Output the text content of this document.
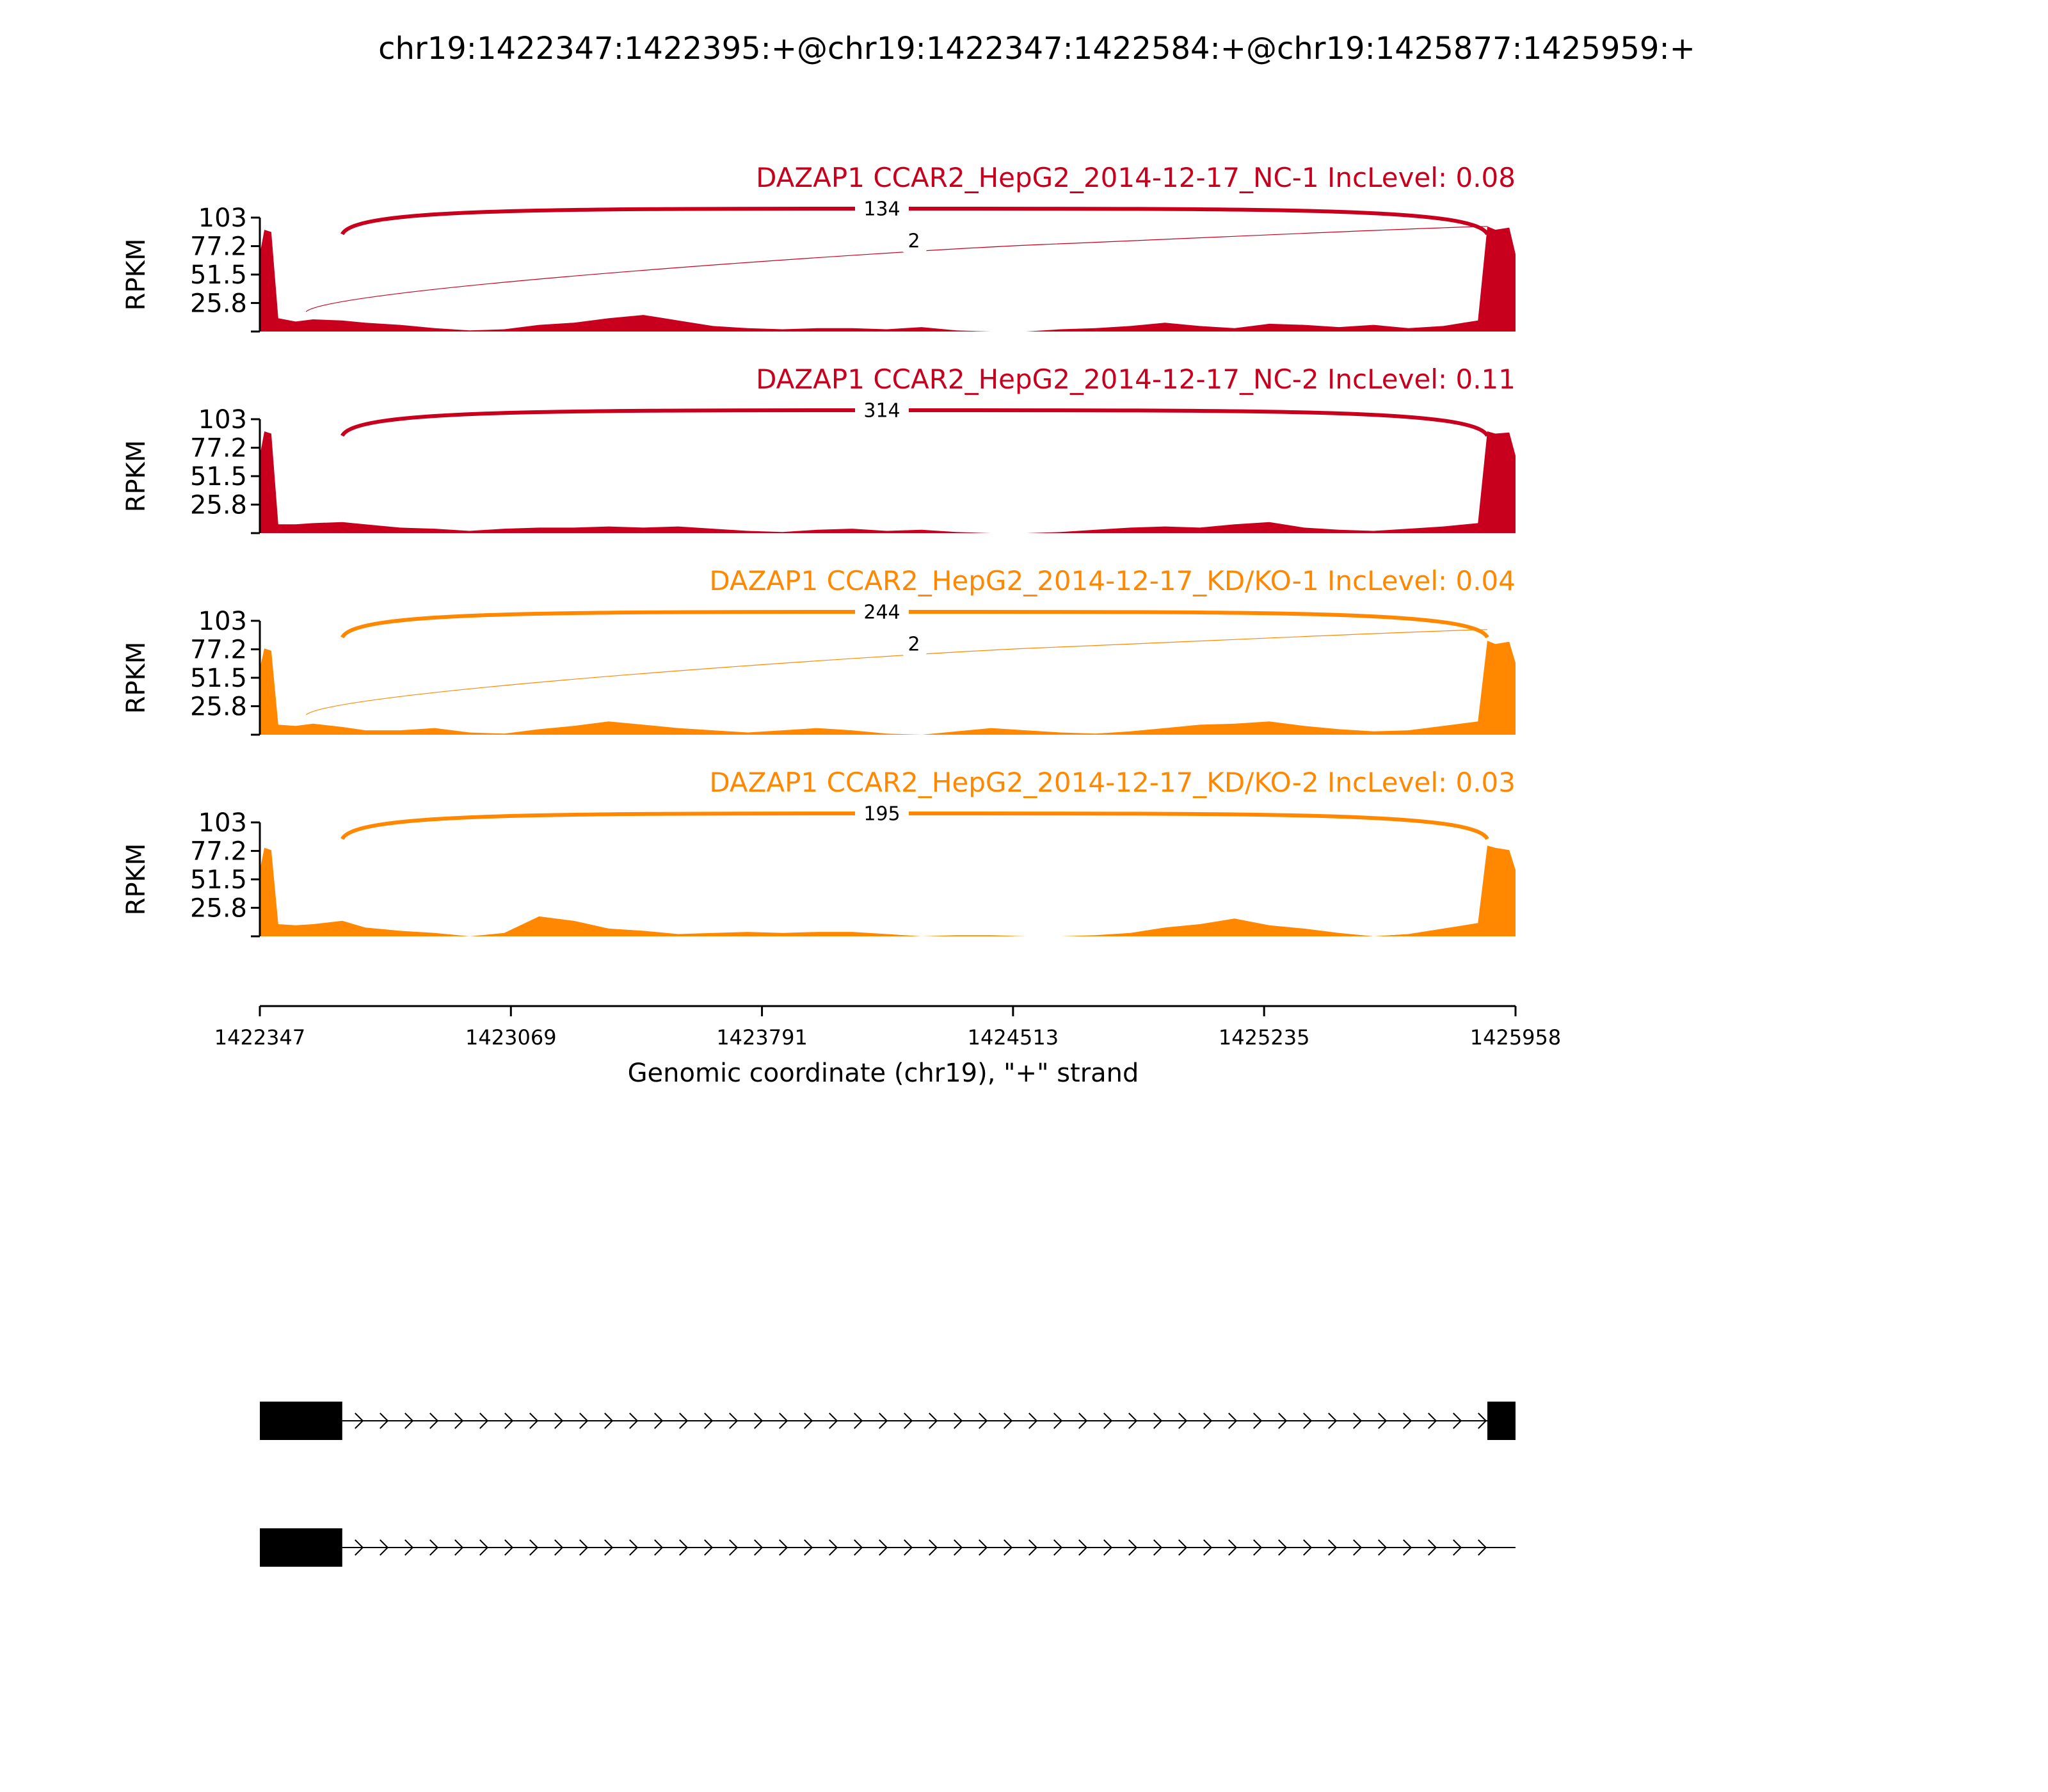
chr19:1422347:1422395:+@chr19:1422347:1422584:+@chr19:1425877:1425959:+
134
2
DAZAP1 CCAR2_HepG2_2014-12-17_NC-1 IncLevel: 0.08
103
77.2
51.5
25.8
RPKM
314
DAZAP1 CCAR2_HepG2_2014-12-17_NC-2 IncLevel: 0.11
103
77.2
51.5
25.8
RPKM
244
2
DAZAP1 CCAR2_HepG2_2014-12-17_KD/KO-1 IncLevel: 0.04
103
77.2
51.5
25.8
RPKM
195
DAZAP1 CCAR2_HepG2_2014-12-17_KD/KO-2 IncLevel: 0.03
103
77.2
51.5
25.8
RPKM
1422347	1423069	1423791	1424513	1425235	1425958
Genomic coordinate (chr19), "+" strand
